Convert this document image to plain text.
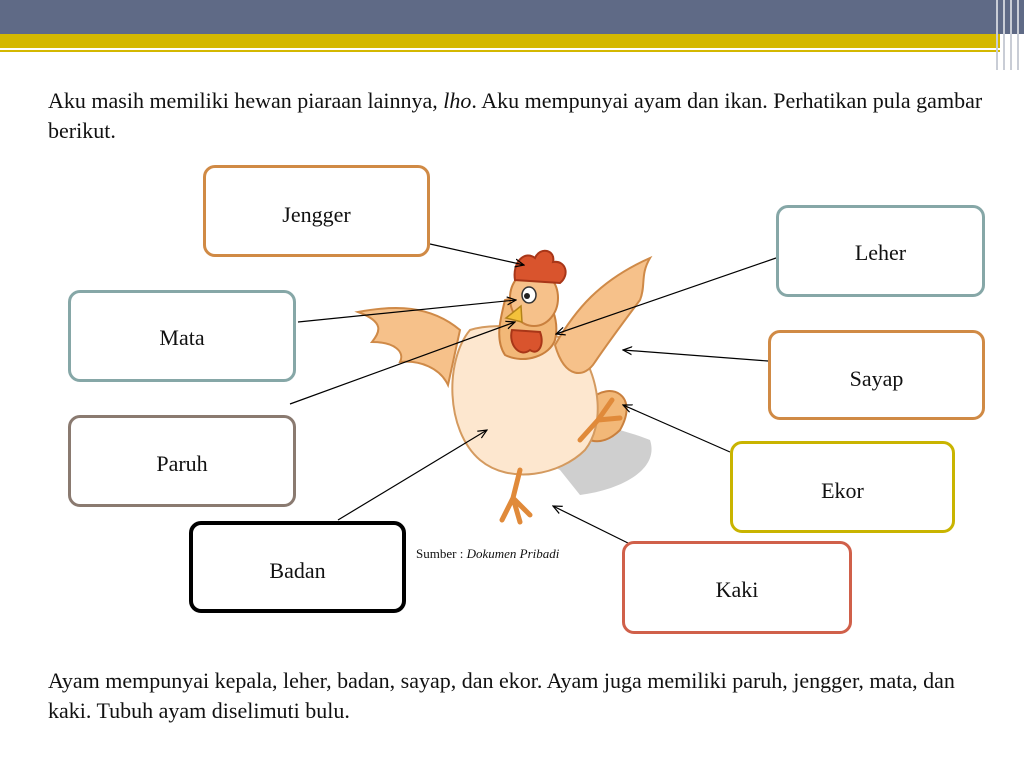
Aku masih memiliki hewan piaraan lainnya, lho. Aku mempunyai ayam dan ikan. Perhatikan pula gambar berikut.
Jengger
Leher
Mata
Sayap
Paruh
Ekor
Badan
Kaki
Sumber : Dokumen Pribadi
Ayam mempunyai kepala, leher, badan, sayap, dan ekor. Ayam juga memiliki paruh, jengger, mata, dan kaki. Tubuh ayam diselimuti bulu.
